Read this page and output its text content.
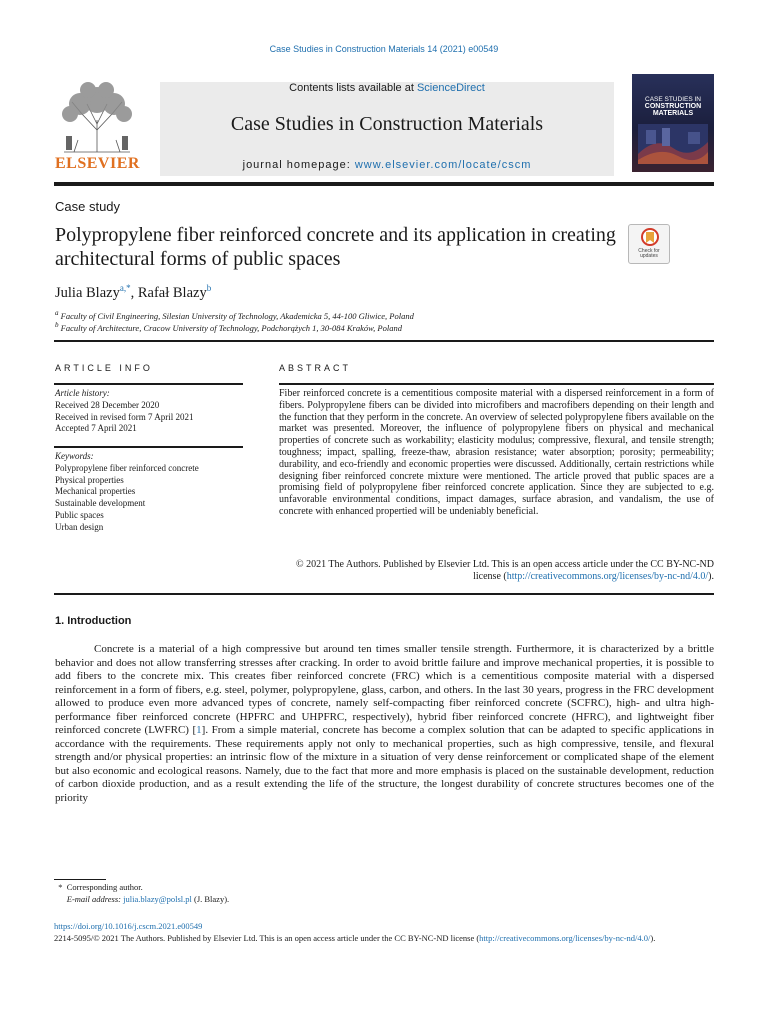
Case Studies in Construction Materials 14 (2021) e00549
ELSEVIER
Contents lists available at ScienceDirect
Case Studies in Construction Materials
journal homepage: www.elsevier.com/locate/cscm
CASE STUDIES IN
CONSTRUCTION
MATERIALS
Case study
Polypropylene fiber reinforced concrete and its application in creating architectural forms of public spaces	Check for
updates
Julia Blazy$^{a,*}$, Rafał Blazy$^b$
$^a$ Faculty of Civil Engineering, Silesian University of Technology, Akademicka 5, 44-100 Gliwice, Poland
$^b$ Faculty of Architecture, Cracow University of Technology, Podchorążych 1, 30-084 Kraków, Poland
ARTICLE INFO	ABSTRACT
Article history:
Received 28 December 2020
Received in revised form 7 April 2021
Accepted 7 April 2021
Keywords:
Polypropylene fiber reinforced concrete
Physical properties
Mechanical properties
Sustainable development
Public spaces
Urban design
Fiber reinforced concrete is a cementitious composite material with a dispersed reinforcement in a form of fibers. Polypropylene fibers can be divided into microfibers and macrofibers depending on their length and the function that they perform in the concrete. An overview of selected polypropylene fibers available on the market was presented. Moreover, the influence of polypropylene fibers on physical and mechanical properties of concrete such as workability; elasticity modulus; compressive, flexural, and tensile strength; toughness; impact, spalling, freeze-thaw, abrasion resistance; water absorption; porosity; permeability; durability, and eco-friendly and economic properties were discussed. Additionally, certain restrictions while designing fiber reinforced concrete mixture were mentioned. The article proved that public spaces are a promising field of polypropylene fiber reinforced concrete application. Since they are subjected to e.g. unfavorable environmental conditions, impact damages, surface abrasion, and vandalism, the use of concrete with enhanced propertied will be undeniably beneficial.
© 2021 The Authors. Published by Elsevier Ltd. This is an open access article under the CC BY-NC-ND license (http://creativecommons.org/licenses/by-nc-nd/4.0/).
1. Introduction
Concrete is a material of a high compressive but around ten times smaller tensile strength. Furthermore, it is characterized by a brittle behavior and does not allow transferring stresses after cracking. In order to avoid brittle failure and improve mechanical properties, it is possible to add fibers to the concrete mix. This creates fiber reinforced concrete (FRC) which is a cementitious composite material with a dispersed reinforcement in a form of fibers, e.g. steel, polymer, polypropylene, glass, carbon, and others. In the last 30 years, progress in the FRC development allowed to produce even more advanced types of concrete, namely self-compacting fiber reinforced concrete (SCFRC), high- and ultra high-performance fiber reinforced concrete (HPFRC and UHPFRC, respectively), hybrid fiber reinforced concrete (HFRC), and lightweight fiber reinforced concrete (LWFRC) [1]. From a simple material, concrete has become a complex solution that can be adapted to specific applications in accordance with the requirements. These requirements apply not only to mechanical properties, such as high compressive, tensile, and flexural strength and/or physical properties: an intrinsic flow of the mixture in a situation of very dense reinforcement or complicated shape of the element but also economic and ecological reasons. Namely, due to the fact that more and more emphasis is placed on the sustainable development, reduction of carbon dioxide production, and as a result extending the life of the structure, the longest durability of concrete structures becomes one of the priority
* Corresponding author.
E-mail address: julia.blazy@polsl.pl (J. Blazy).
https://doi.org/10.1016/j.cscm.2021.e00549
2214-5095/© 2021 The Authors. Published by Elsevier Ltd. This is an open access article under the CC BY-NC-ND license (http://creativecommons.org/licenses/by-nc-nd/4.0/).
